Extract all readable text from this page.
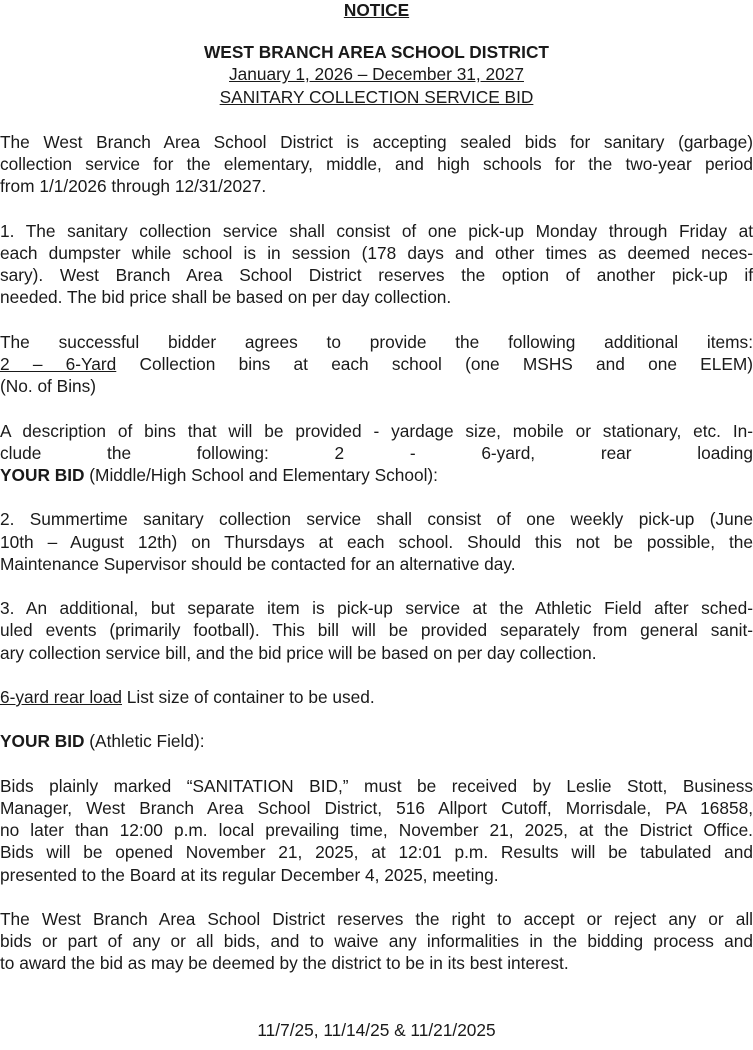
NOTICE
WEST BRANCH AREA SCHOOL DISTRICT
January 1, 2026 – December 31, 2027
SANITARY COLLECTION SERVICE BID
The West Branch Area School District is accepting sealed bids for sanitary (garbage)
collection service for the elementary, middle, and high schools for the two-year period
from 1/1/2026 through 12/31/2027.
1. The sanitary collection service shall consist of one pick-up Monday through Friday at
each dumpster while school is in session (178 days and other times as deemed neces-
sary). West Branch Area School District reserves the option of another pick-up if
needed. The bid price shall be based on per day collection.
The successful bidder agrees to provide the following additional items:
2 – 6-Yard Collection bins at each school (one MSHS and one ELEM)
(No. of Bins)
A description of bins that will be provided - yardage size, mobile or stationary, etc. In-
clude the following: 2 - 6-yard, rear loading
YOUR BID (Middle/High School and Elementary School):
2. Summertime sanitary collection service shall consist of one weekly pick-up (June
10th – August 12th) on Thursdays at each school. Should this not be possible, the
Maintenance Supervisor should be contacted for an alternative day.
3. An additional, but separate item is pick-up service at the Athletic Field after sched-
uled events (primarily football). This bill will be provided separately from general sanit-
ary collection service bill, and the bid price will be based on per day collection.
6-yard rear load List size of container to be used.
YOUR BID (Athletic Field):
Bids plainly marked “SANITATION BID,” must be received by Leslie Stott, Business
Manager, West Branch Area School District, 516 Allport Cutoff, Morrisdale, PA 16858,
no later than 12:00 p.m. local prevailing time, November 21, 2025, at the District Office.
Bids will be opened November 21, 2025, at 12:01 p.m. Results will be tabulated and
presented to the Board at its regular December 4, 2025, meeting.
The West Branch Area School District reserves the right to accept or reject any or all
bids or part of any or all bids, and to waive any informalities in the bidding process and
to award the bid as may be deemed by the district to be in its best interest.
11/7/25, 11/14/25 & 11/21/2025
